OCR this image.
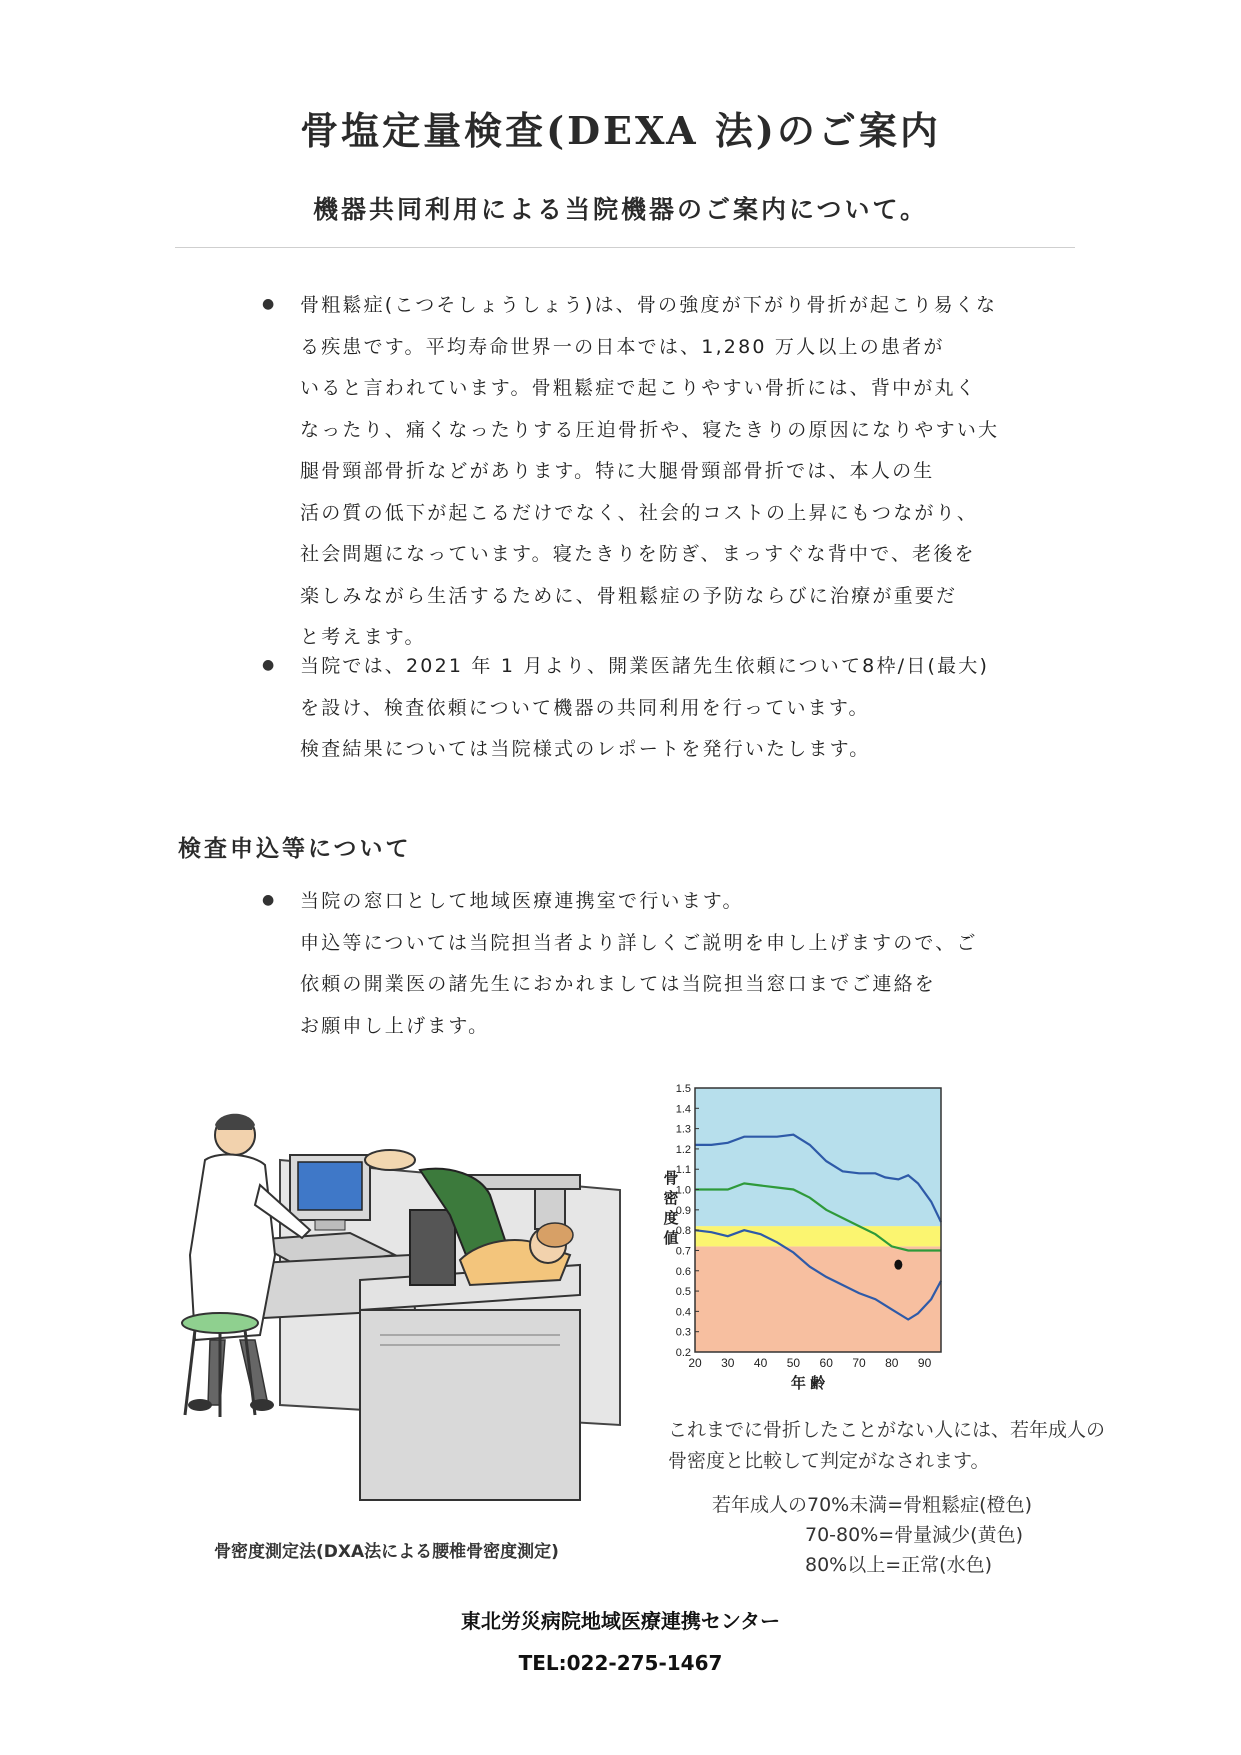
骨塩定量検査(DEXA 法)のご案内
機器共同利用による当院機器のご案内について。
● 骨粗鬆症(こつそしょうしょう)は、骨の強度が下がり骨折が起こり易くな
る疾患です。平均寿命世界一の日本では、1,280 万人以上の患者が
いると言われています。骨粗鬆症で起こりやすい骨折には、背中が丸く
なったり、痛くなったりする圧迫骨折や、寝たきりの原因になりやすい大
腿骨頸部骨折などがあります。特に大腿骨頸部骨折では、本人の生
活の質の低下が起こるだけでなく、社会的コストの上昇にもつながり、
社会問題になっています。寝たきりを防ぎ、まっすぐな背中で、老後を
楽しみながら生活するために、骨粗鬆症の予防ならびに治療が重要だ
と考えます。
● 当院では、2021 年 1 月より、開業医諸先生依頼について8枠/日(最大)
を設け、検査依頼について機器の共同利用を行っています。
検査結果については当院様式のレポートを発行いたします。
検査申込等について
● 当院の窓口として地域医療連携室で行います。
申込等については当院担当者より詳しくご説明を申し上げますので、ご
依頼の開業医の諸先生におかれましては当院担当窓口までご連絡を
お願申し上げます。
骨密度測定法(DXA法による腰椎骨密度測定)
0.2
0.3
0.4
0.5
0.6
0.7
0.8
0.9
1.0
1.1
1.2
1.3
1.4
1.5
20 30 40 50 60 70 80 90
年 齢
骨
密
度
値
これまでに骨折したことがない人には、若年成人の
骨密度と比較して判定がなされます。
若年成人の70%未満=骨粗鬆症(橙色)
70-80%=骨量減少(黄色)
80%以上=正常(水色)
東北労災病院地域医療連携センター
TEL:022-275-1467
